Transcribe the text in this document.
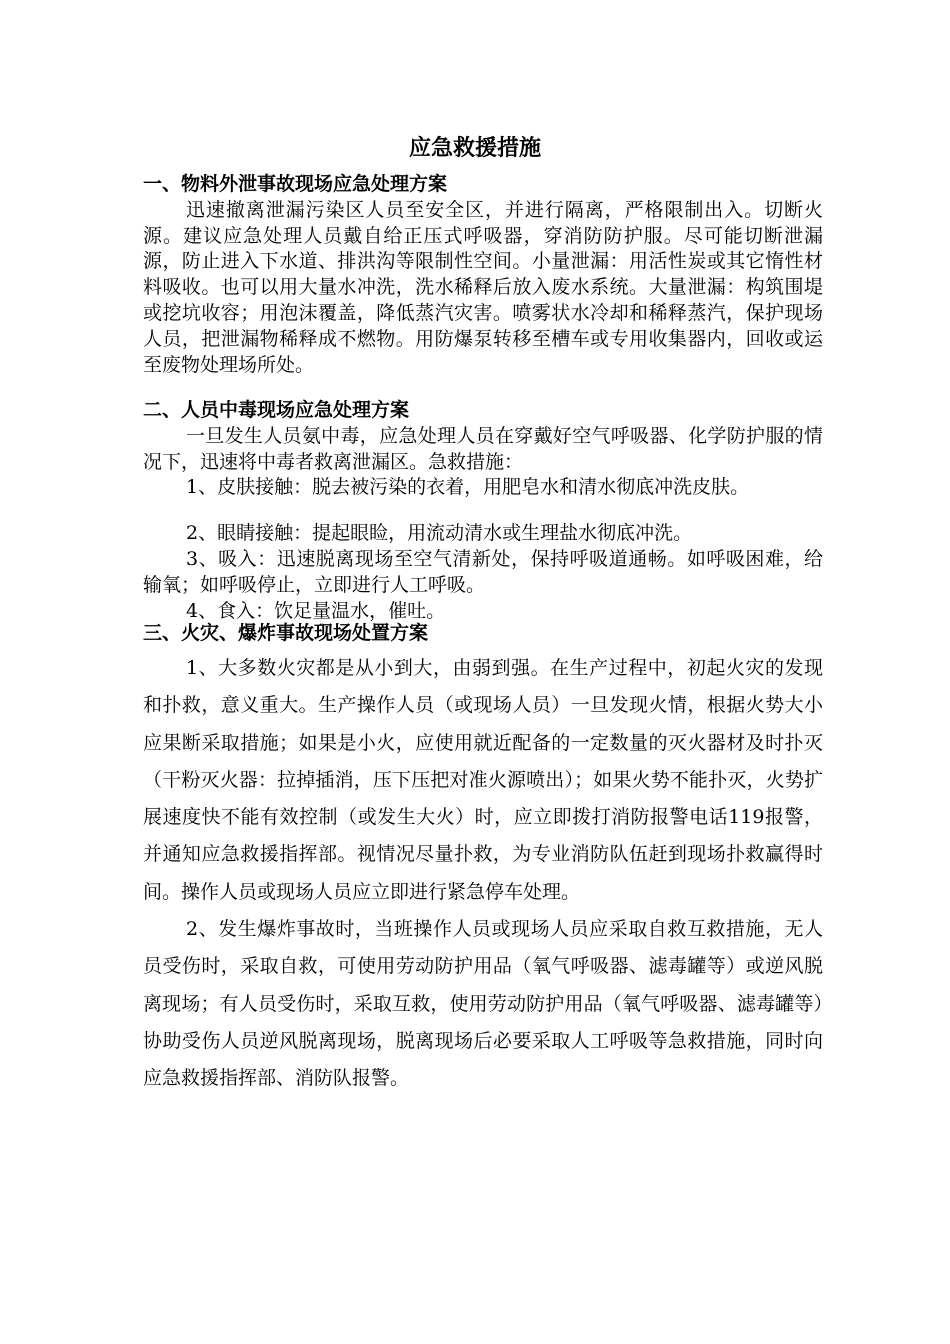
应急救援措施
一、物料外泄事故现场应急处理方案

迅速撤离泄漏污染区人员至安全区，并进行隔离，严格限制出入。切断火源。建议应急处理人员戴自给正压式呼吸器，穿消防防护服。尽可能切断泄漏源，防止进入下水道、排洪沟等限制性空间。小量泄漏：用活性炭或其它惰性材料吸收。也可以用大量水冲洗，洗水稀释后放入废水系统。大量泄漏：构筑围堤或挖坑收容；用泡沫覆盖，降低蒸汽灾害。喷雾状水冷却和稀释蒸汽，保护现场人员，把泄漏物稀释成不燃物。用防爆泵转移至槽车或专用收集器内，回收或运至废物处理场所处。

二、人员中毒现场应急处理方案

一旦发生人员氨中毒，应急处理人员在穿戴好空气呼吸器、化学防护服的情况下，迅速将中毒者救离泄漏区。急救措施：

1、皮肤接触：脱去被污染的衣着，用肥皂水和清水彻底冲洗皮肤。

2、眼睛接触：提起眼睑，用流动清水或生理盐水彻底冲洗。

3、吸入：迅速脱离现场至空气清新处，保持呼吸道通畅。如呼吸困难，给输氧；如呼吸停止，立即进行人工呼吸。

4、食入：饮足量温水，催吐。

三、火灾、爆炸事故现场处置方案

1、大多数火灾都是从小到大，由弱到强。在生产过程中，初起火灾的发现和扑救，意义重大。生产操作人员（或现场人员）一旦发现火情，根据火势大小应果断采取措施；如果是小火，应使用就近配备的一定数量的灭火器材及时扑灭（干粉灭火器：拉掉插消，压下压把对准火源喷出）；如果火势不能扑灭，火势扩展速度快不能有效控制（或发生大火）时，应立即拨打消防报警电话119报警，并通知应急救援指挥部。视情况尽量扑救，为专业消防队伍赶到现场扑救赢得时间。操作人员或现场人员应立即进行紧急停车处理。

2、发生爆炸事故时，当班操作人员或现场人员应采取自救互救措施，无人员受伤时，采取自救，可使用劳动防护用品（氧气呼吸器、滤毒罐等）或逆风脱离现场；有人员受伤时，采取互救，使用劳动防护用品（氧气呼吸器、滤毒罐等）协助受伤人员逆风脱离现场，脱离现场后必要采取人工呼吸等急救措施，同时向应急救援指挥部、消防队报警。
